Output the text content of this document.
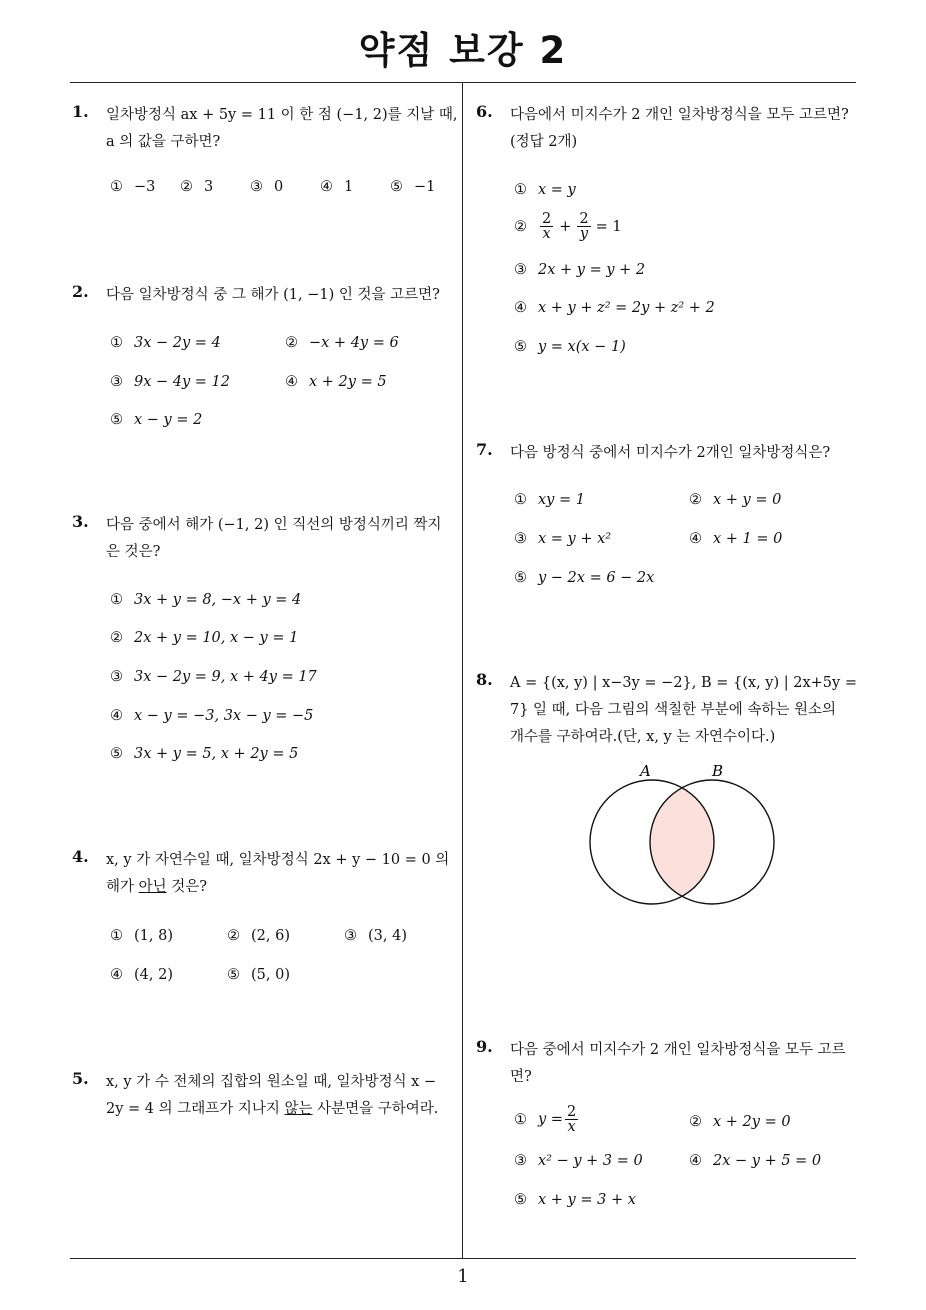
약점 보강 2
1. 일차방정식 ax + 5y = 11 이 한 점 (−1, 2)를 지날 때,
a 의 값을 구하면?
① −3 ② 3	③ 0	④ 1	⑤ −1
2. 다음 일차방정식 중 그 해가 (1, −1) 인 것을 고르면?
① 3x − 2y = 4	② −x + 4y = 6
③ 9x − 4y = 12	④ x + 2y = 5
⑤ x − y = 2
3. 다음 중에서 해가 (−1, 2) 인 직선의 방정식끼리 짝지
은 것은?
① 3x + y = 8, −x + y = 4
② 2x + y = 10, x − y = 1
③ 3x − 2y = 9, x + 4y = 17
④ x − y = −3, 3x − y = −5
⑤ 3x + y = 5, x + 2y = 5
4. x, y 가 자연수일 때, 일차방정식 2x + y − 10 = 0 의
해가 아닌 것은?
① (1, 8)	② (2, 6)	③ (3, 4)
④ (4, 2)	⑤ (5, 0)
5. x, y 가 수 전체의 집합의 원소일 때, 일차방정식 x −
2y = 4 의 그래프가 지나지 않는 사분면을 구하여라.
6. 다음에서 미지수가 2 개인 일차방정식을 모두 고르면?
(정답 2개)
① x = y
② $\frac{2}{x} + \frac{2}{y} = 1$
③ 2x + y = y + 2
④ x + y + z² = 2y + z² + 2
⑤ y = x(x − 1)
7. 다음 방정식 중에서 미지수가 2개인 일차방정식은?
① xy = 1	② x + y = 0
③ x = y + x²	④ x + 1 = 0
⑤ y − 2x = 6 − 2x
8. A = {(x, y) | x−3y = −2}, B = {(x, y) | 2x+5y =
7} 일 때, 다음 그림의 색칠한 부분에 속하는 원소의
개수를 구하여라.(단, x, y 는 자연수이다.)
A	B
9. 다음 중에서 미지수가 2 개인 일차방정식을 모두 고르
면?
① $y = \frac{2}{x}$	② x + 2y = 0
③ x² − y + 3 = 0	④ 2x − y + 5 = 0
⑤ x + y = 3 + x
1
